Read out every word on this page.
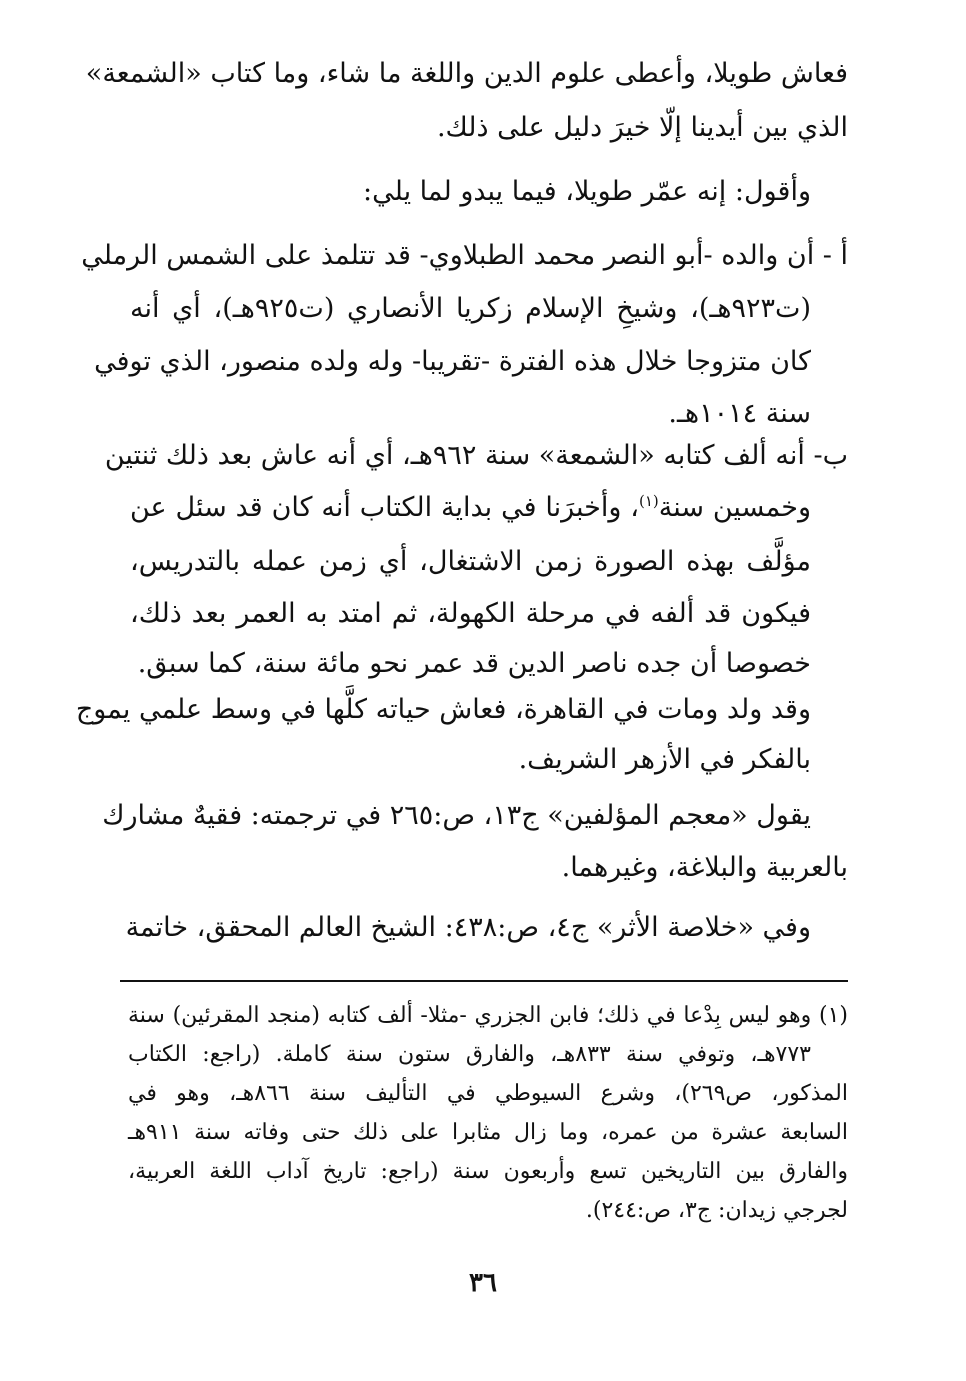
فعاش طويلا، وأعطى علوم الدين واللغة ما شاء، وما كتاب «الشمعة»
الذي بين أيدينا إلّا خيرَ دليل على ذلك.
وأقول: إنه عمّر طويلا، فيما يبدو لما يلي:
أ - أن والده -أبو النصر محمد الطبلاوي- قد تتلمذ على الشمس الرملي
(ت٩٢٣هـ)، وشيخِ الإسلام زكريا الأنصاري (ت٩٢٥هـ)، أي أنه
كان متزوجا خلال هذه الفترة -تقريبا- وله ولده منصور، الذي توفي
سنة ١٠١٤هـ.
ب- أنه ألف كتابه «الشمعة» سنة ٩٦٢هـ، أي أنه عاش بعد ذلك ثنتين
وخمسين سنة$^{(١)}$، وأخبرَنا في بداية الكتاب أنه كان قد سئل عن
مؤلَّف بهذه الصورة زمن الاشتغال، أي زمن عمله بالتدريس،
فيكون قد ألفه في مرحلة الكهولة، ثم امتد به العمر بعد ذلك،
خصوصا أن جده ناصر الدين قد عمر نحو مائة سنة، كما سبق.
وقد ولد ومات في القاهرة، فعاش حياته كلَّها في وسط علمي يموج
بالفكر في الأزهر الشريف.
يقول «معجم المؤلفين» ج١٣، ص:٢٦٥ في ترجمته: فقيهٌ مشارك
بالعربية والبلاغة، وغيرهما.
وفي «خلاصة الأثر» ج٤، ص:٤٣٨: الشيخ العالم المحقق، خاتمة
(١) وهو ليس بِدْعا في ذلك؛ فابن الجزري -مثلا- ألف كتابه (منجد المقرئين) سنة
٧٧٣هـ، وتوفي سنة ٨٣٣هـ، والفارق ستون سنة كاملة. (راجع: الكتاب
المذكور، ص٢٦٩)، وشرع السيوطي في التأليف سنة ٨٦٦هـ، وهو في
السابعة عشرة من عمره، وما زال مثابرا على ذلك حتى وفاته سنة ٩١١هـ
والفارق بين التاريخين تسع وأربعون سنة (راجع: تاريخ آداب اللغة العربية،
لجرجي زيدان: ج٣، ص:٢٤٤).
٣٦
